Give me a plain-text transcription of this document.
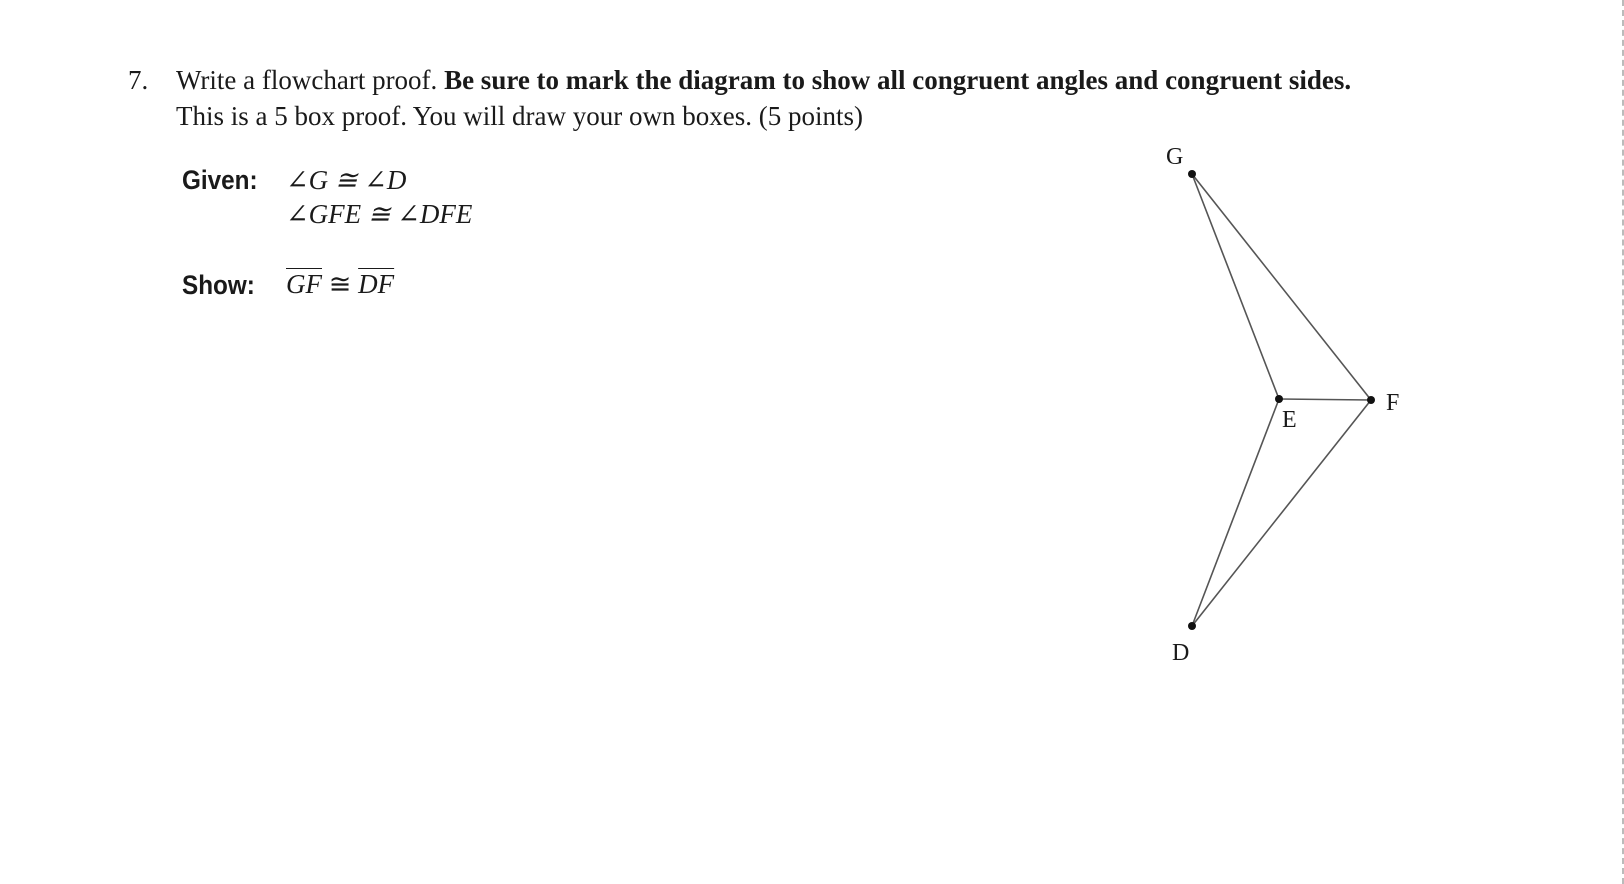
7. Write a flowchart proof. Be sure to mark the diagram to show all congruent angles and congruent sides.
This is a 5 box proof. You will draw your own boxes. (5 points)
Given: ∠G ≅ ∠D
∠GFE ≅ ∠DFE
Show: $\overline{GF}$ ≅ $\overline{DF}$
G
E
F
D
